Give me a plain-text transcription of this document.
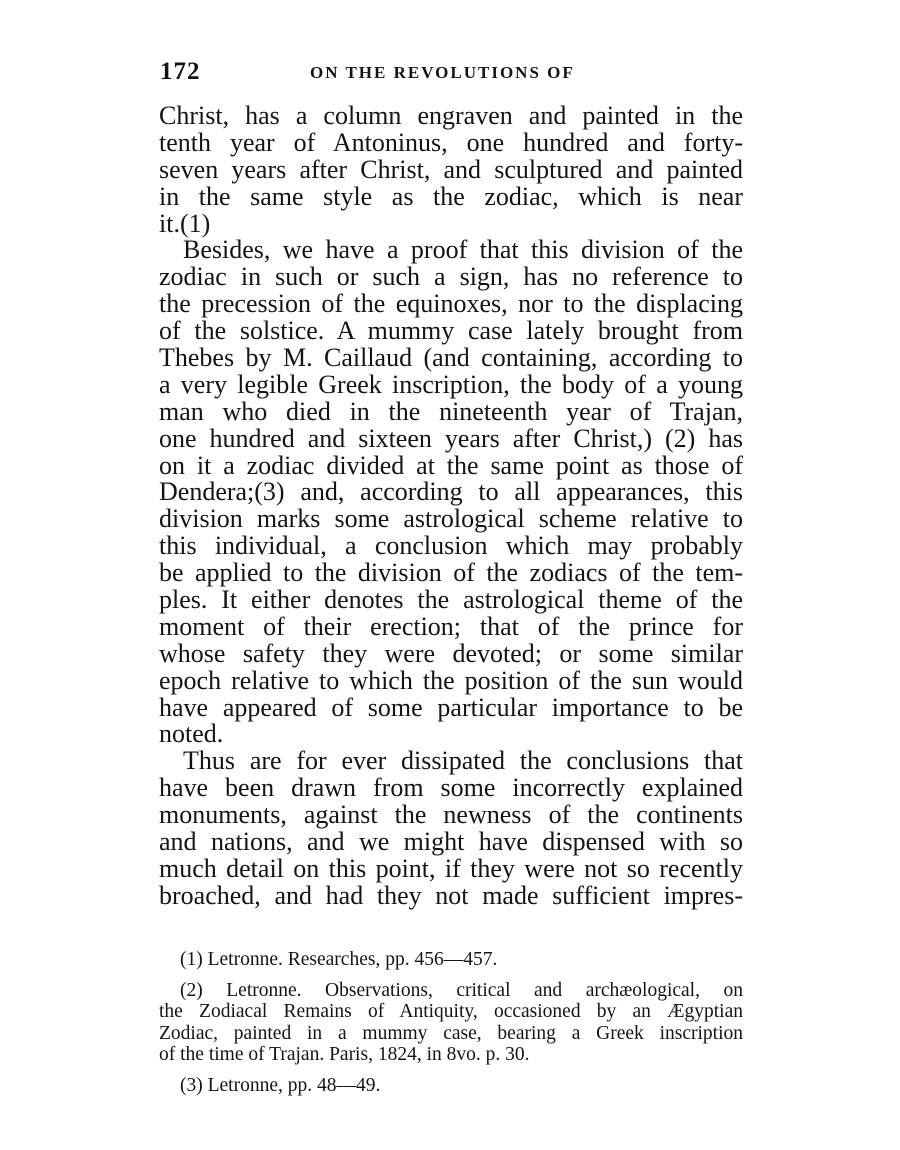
172	ON THE REVOLUTIONS OF
Christ, has a column engraven and painted in the
tenth year of Antoninus, one hundred and forty-
seven years after Christ, and sculptured and painted
in the same style as the zodiac, which is near
it.(1)
Besides, we have a proof that this division of the
zodiac in such or such a sign, has no reference to
the precession of the equinoxes, nor to the displacing
of the solstice. A mummy case lately brought from
Thebes by M. Caillaud (and containing, according to
a very legible Greek inscription, the body of a young
man who died in the nineteenth year of Trajan,
one hundred and sixteen years after Christ,) (2) has
on it a zodiac divided at the same point as those of
Dendera;(3) and, according to all appearances, this
division marks some astrological scheme relative to
this individual, a conclusion which may probably
be applied to the division of the zodiacs of the tem-
ples. It either denotes the astrological theme of the
moment of their erection; that of the prince for
whose safety they were devoted; or some similar
epoch relative to which the position of the sun would
have appeared of some particular importance to be
noted.
Thus are for ever dissipated the conclusions that
have been drawn from some incorrectly explained
monuments, against the newness of the continents
and nations, and we might have dispensed with so
much detail on this point, if they were not so recently
broached, and had they not made sufficient impres-
(1) Letronne. Researches, pp. 456—457.
(2) Letronne. Observations, critical and archæological, on
the Zodiacal Remains of Antiquity, occasioned by an Ægyptian
Zodiac, painted in a mummy case, bearing a Greek inscription
of the time of Trajan. Paris, 1824, in 8vo. p. 30.
(3) Letronne, pp. 48—49.
